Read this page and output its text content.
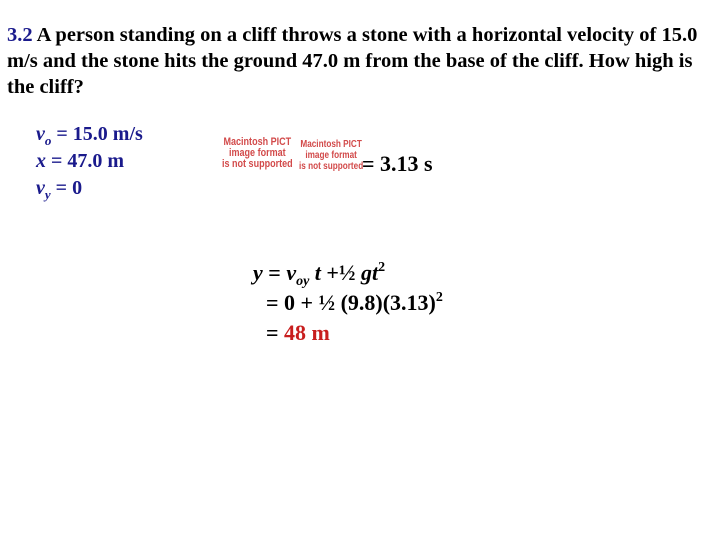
3.2 A person standing on a cliff throws a stone with a horizontal velocity of 15.0 m/s and the stone hits the ground 47.0 m from the base of the cliff. How high is the cliff?
$v_o = 15.0$ m/s
x = 47.0 m
$v_y = 0$
Macintosh PICT
image format
is not supported
Macintosh PICT
image format
is not supported
= 3.13 s
$y = v_{oy}$ t +½ $gt^2$
= 0 + ½ $(9.8)(3.13)^2$
= 48 m
